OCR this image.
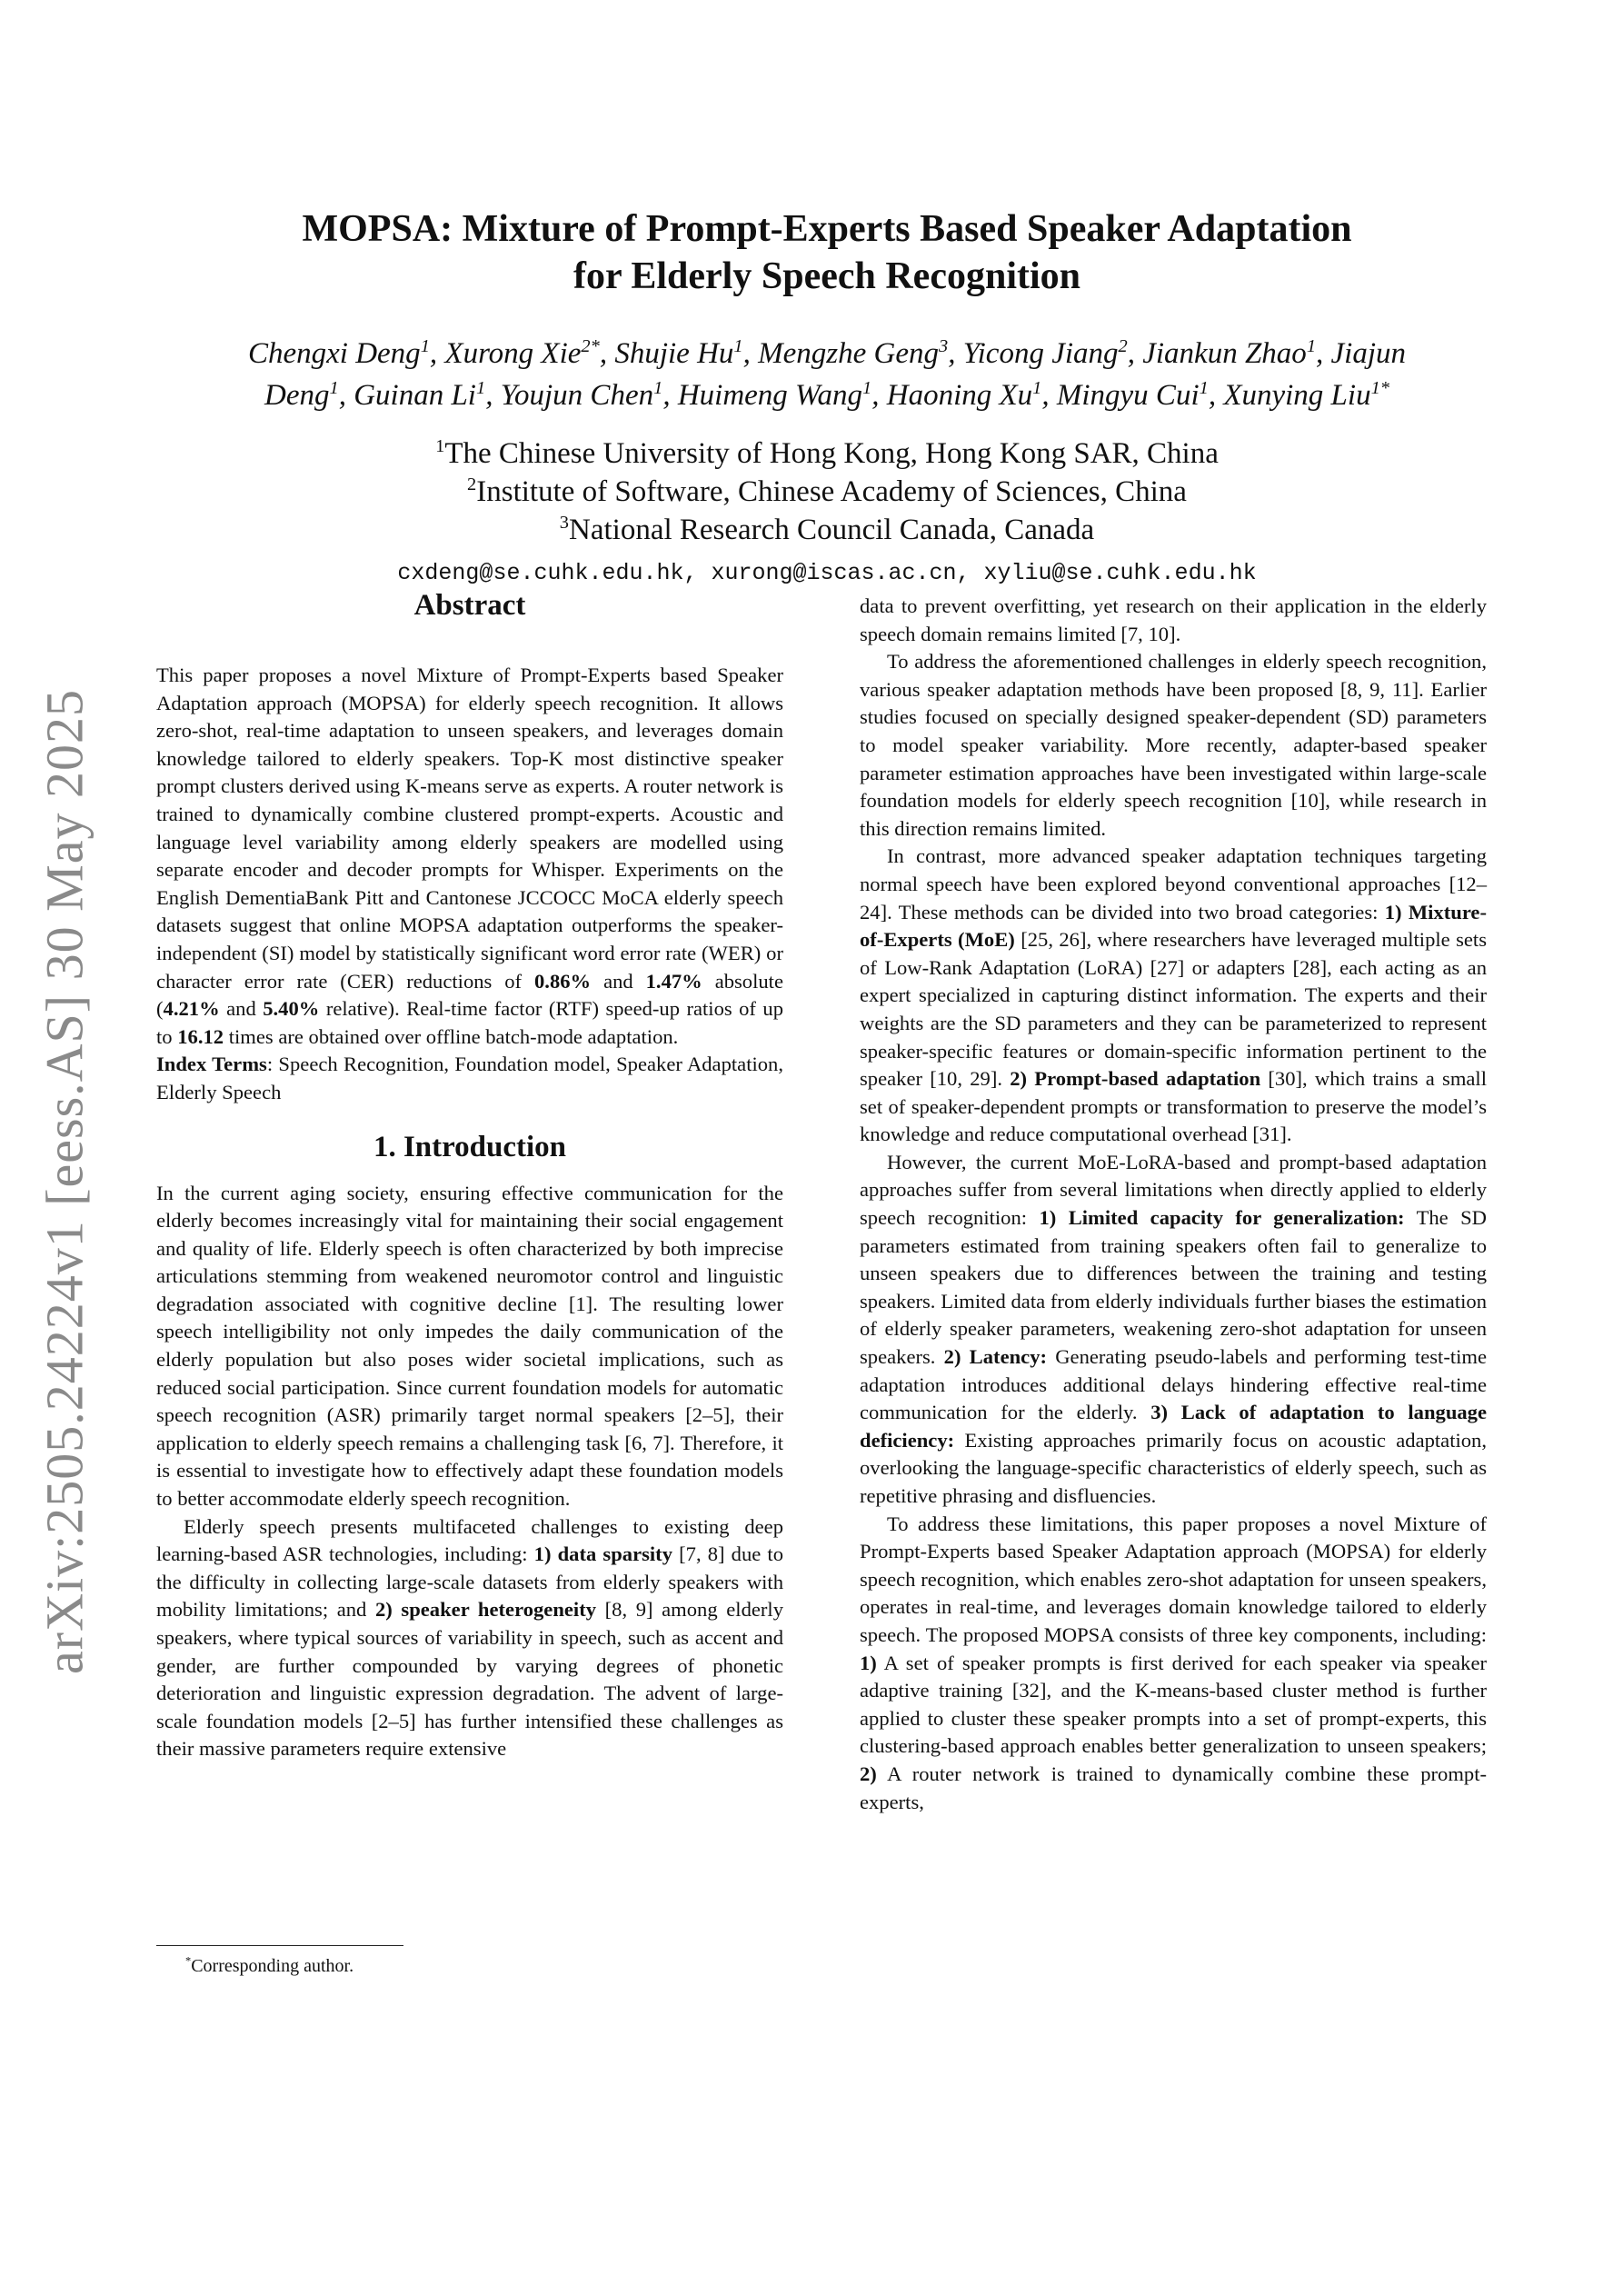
arXiv:2505.24224v1 [eess.AS] 30 May 2025
MOPSA: Mixture of Prompt-Experts Based Speaker Adaptation
for Elderly Speech Recognition
Chengxi Deng$^1$, Xurong Xie$^{2*}$, Shujie Hu$^1$, Mengzhe Geng$^3$, Yicong Jiang$^2$, Jiankun Zhao$^1$, Jiajun
Deng$^1$, Guinan Li$^1$, Youjun Chen$^1$, Huimeng Wang$^1$, Haoning Xu$^1$, Mingyu Cui$^1$, Xunying Liu$^{1*}$
$^1$The Chinese University of Hong Kong, Hong Kong SAR, China
$^2$Institute of Software, Chinese Academy of Sciences, China
$^3$National Research Council Canada, Canada
cxdeng@se.cuhk.edu.hk, xurong@iscas.ac.cn, xyliu@se.cuhk.edu.hk
Abstract

This paper proposes a novel Mixture of Prompt-Experts based Speaker Adaptation approach (MOPSA) for elderly speech recognition. It allows zero-shot, real-time adaptation to unseen speakers, and leverages domain knowledge tailored to elderly speakers. Top-K most distinctive speaker prompt clusters derived using K-means serve as experts. A router network is trained to dynamically combine clustered prompt-experts. Acoustic and language level variability among elderly speakers are modelled using separate encoder and decoder prompts for Whisper. Experiments on the English DementiaBank Pitt and Cantonese JCCOCC MoCA elderly speech datasets suggest that online MOPSA adaptation outperforms the speaker-independent (SI) model by statistically significant word error rate (WER) or character error rate (CER) reductions of 0.86% and 1.47% absolute (4.21% and 5.40% relative). Real-time factor (RTF) speed-up ratios of up to 16.12 times are obtained over offline batch-mode adaptation.

Index Terms: Speech Recognition, Foundation model, Speaker Adaptation, Elderly Speech

1. Introduction

In the current aging society, ensuring effective communication for the elderly becomes increasingly vital for maintaining their social engagement and quality of life. Elderly speech is often characterized by both imprecise articulations stemming from weakened neuromotor control and linguistic degradation associated with cognitive decline [1]. The resulting lower speech intelligibility not only impedes the daily communication of the elderly population but also poses wider societal implications, such as reduced social participation. Since current foundation models for automatic speech recognition (ASR) primarily target normal speakers [2–5], their application to elderly speech remains a challenging task [6, 7]. Therefore, it is essential to investigate how to effectively adapt these foundation models to better accommodate elderly speech recognition.

Elderly speech presents multifaceted challenges to existing deep learning-based ASR technologies, including: 1) data sparsity [7, 8] due to the difficulty in collecting large-scale datasets from elderly speakers with mobility limitations; and 2) speaker heterogeneity [8, 9] among elderly speakers, where typical sources of variability in speech, such as accent and gender, are further compounded by varying degrees of phonetic deterioration and linguistic expression degradation. The advent of large-scale foundation models [2–5] has further intensified these challenges as their massive parameters require extensive

data to prevent overfitting, yet research on their application in the elderly speech domain remains limited [7, 10].

To address the aforementioned challenges in elderly speech recognition, various speaker adaptation methods have been proposed [8, 9, 11]. Earlier studies focused on specially designed speaker-dependent (SD) parameters to model speaker variability. More recently, adapter-based speaker parameter estimation approaches have been investigated within large-scale foundation models for elderly speech recognition [10], while research in this direction remains limited.

In contrast, more advanced speaker adaptation techniques targeting normal speech have been explored beyond conventional approaches [12–24]. These methods can be divided into two broad categories: 1) Mixture-of-Experts (MoE) [25, 26], where researchers have leveraged multiple sets of Low-Rank Adaptation (LoRA) [27] or adapters [28], each acting as an expert specialized in capturing distinct information. The experts and their weights are the SD parameters and they can be parameterized to represent speaker-specific features or domain-specific information pertinent to the speaker [10, 29]. 2) Prompt-based adaptation [30], which trains a small set of speaker-dependent prompts or transformation to preserve the model’s knowledge and reduce computational overhead [31].

However, the current MoE-LoRA-based and prompt-based adaptation approaches suffer from several limitations when directly applied to elderly speech recognition: 1) Limited capacity for generalization: The SD parameters estimated from training speakers often fail to generalize to unseen speakers due to differences between the training and testing speakers. Limited data from elderly individuals further biases the estimation of elderly speaker parameters, weakening zero-shot adaptation for unseen speakers. 2) Latency: Generating pseudo-labels and performing test-time adaptation introduces additional delays hindering effective real-time communication for the elderly. 3) Lack of adaptation to language deficiency: Existing approaches primarily focus on acoustic adaptation, overlooking the language-specific characteristics of elderly speech, such as repetitive phrasing and disfluencies.

To address these limitations, this paper proposes a novel Mixture of Prompt-Experts based Speaker Adaptation approach (MOPSA) for elderly speech recognition, which enables zero-shot adaptation for unseen speakers, operates in real-time, and leverages domain knowledge tailored to elderly speech. The proposed MOPSA consists of three key components, including: 1) A set of speaker prompts is first derived for each speaker via speaker adaptive training [32], and the K-means-based cluster method is further applied to cluster these speaker prompts into a set of prompt-experts, this clustering-based approach enables better generalization to unseen speakers; 2) A router network is trained to dynamically combine these prompt-experts,

*Corresponding author.
